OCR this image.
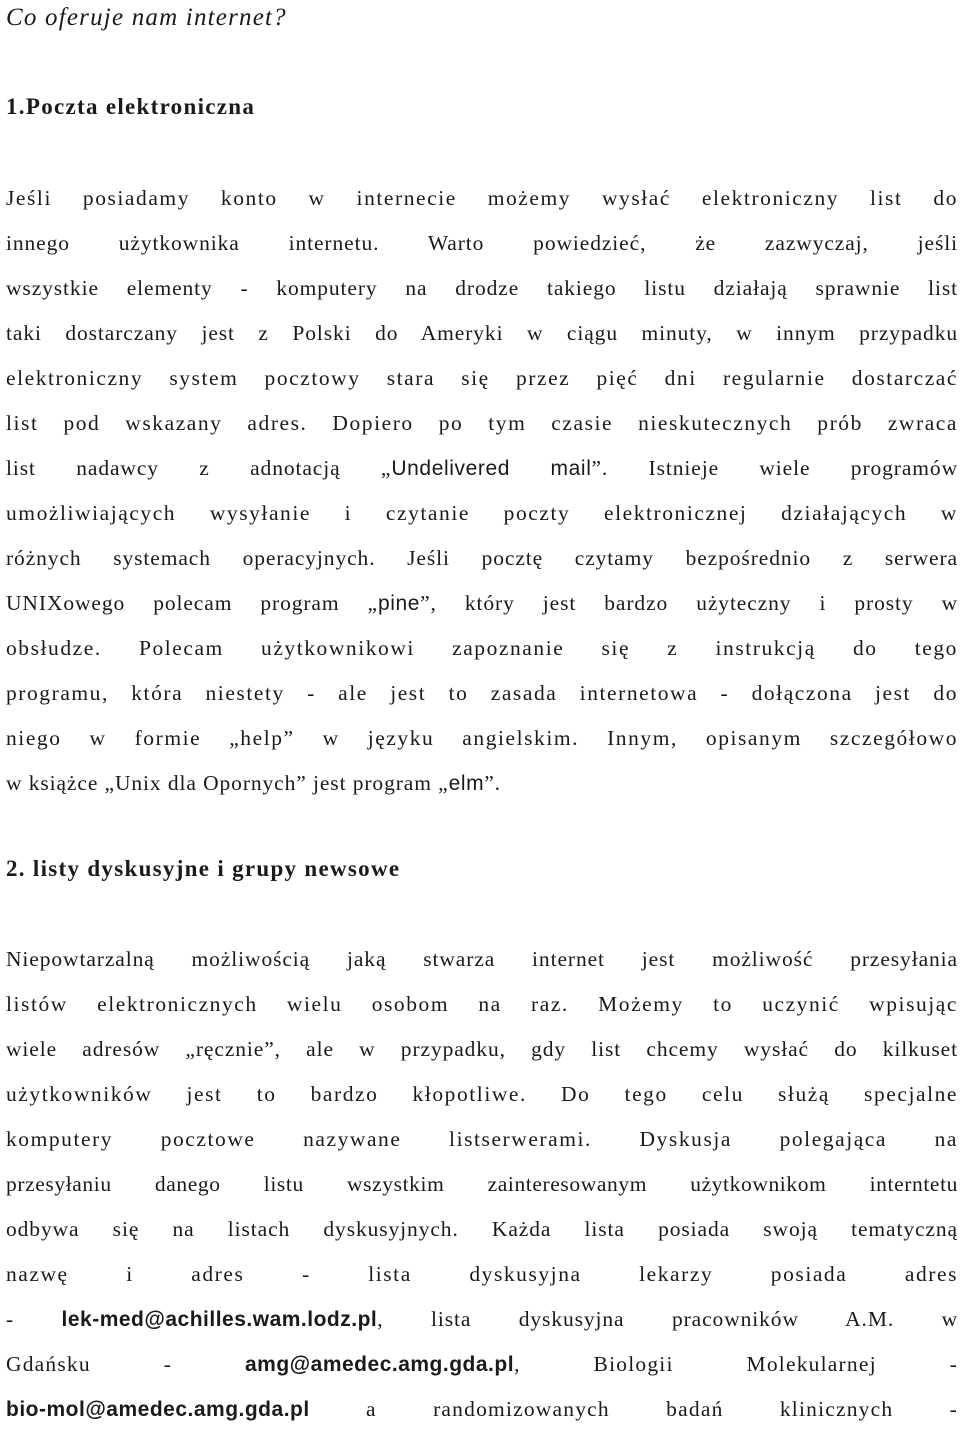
Co oferuje nam internet?
1.Poczta elektroniczna
Jeśli posiadamy konto w internecie możemy wysłać elektroniczny list do
innego użytkownika internetu. Warto powiedzieć, że zazwyczaj, jeśli
wszystkie elementy - komputery na drodze takiego listu działają sprawnie list
taki dostarczany jest z Polski do Ameryki w ciągu minuty, w innym przypadku
elektroniczny system pocztowy stara się przez pięć dni regularnie dostarczać
list pod wskazany adres. Dopiero po tym czasie nieskutecznych prób zwraca
list nadawcy z adnotacją „Undelivered mail”. Istnieje wiele programów
umożliwiających wysyłanie i czytanie poczty elektronicznej działających w
różnych systemach operacyjnych. Jeśli pocztę czytamy bezpośrednio z serwera
UNIXowego polecam program „pine”, który jest bardzo użyteczny i prosty w
obsłudze. Polecam użytkownikowi zapoznanie się z instrukcją do tego
programu, która niestety - ale jest to zasada internetowa - dołączona jest do
niego w formie „help” w języku angielskim. Innym, opisanym szczegółowo
w książce „Unix dla Opornych” jest program „elm”.
2. listy dyskusyjne i grupy newsowe
Niepowtarzalną możliwością jaką stwarza internet jest możliwość przesyłania
listów elektronicznych wielu osobom na raz. Możemy to uczynić wpisując
wiele adresów „ręcznie”, ale w przypadku, gdy list chcemy wysłać do kilkuset
użytkowników jest to bardzo kłopotliwe. Do tego celu służą specjalne
komputery pocztowe nazywane listserwerami. Dyskusja polegająca na
przesyłaniu danego listu wszystkim zainteresowanym użytkownikom interntetu
odbywa się na listach dyskusyjnych. Każda lista posiada swoją tematyczną
nazwę i adres - lista dyskusyjna lekarzy posiada adres
- lek-med@achilles.wam.lodz.pl, lista dyskusyjna pracowników A.M. w
Gdańsku - amg@amedec.amg.gda.pl, Biologii Molekularnej -
bio-mol@amedec.amg.gda.pl a randomizowanych badań klinicznych -
